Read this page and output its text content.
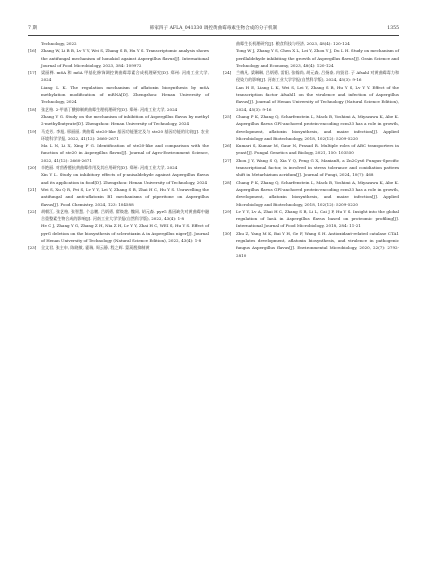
7 期	韩家四子 AFLA_041330 调控黄曲霉毒素生物合成的分子机制	1355
Technology, 2022
[16] Zhang W, Li B B, Lv Y Y, Wei S, Zhang S B, Hu Y S. Transcriptomic analysis shows the antifungal mechanism of honokiol against Aspergillus flavus[J]. International Journal of Food Microbiology, 2023, 384: 109972
[17] 梁丽桦. m6A 和 m6A 甲基化修饰调控黄曲霉毒素合成机理研究[D]. 郑州: 河南工业大学, 2024
Liang L K. The regulation mechanism of aflatoxin biosynthesis by m6A methylation modification of mRNA[D]. Zhengzhou: Henan University of Technology, 2024
[18] 张艺格. 2-甲基丁酸抑制黄曲霉生理机理研究[D]. 郑州: 河南工业大学, 2024
Zhang Y G. Study on the mechanism of inhibition of Aspergillus flavus by methyl 2-methylbutyrate[D]. Zhengzhou: Henan University of Technology, 2024
[19] 马克芳, 李旭, 邢丽丽, 黄曲霉 ste20-like 基因功能鉴定及与 ste20 基因功能的比较[J]. 农业环境科学学报, 2022, 41(12): 2660-2671
Ma L N, Li X, Xing F G. Identification of ste20-like and comparison with the function of ste20 in Aspergillus flavus[J]. Journal of Agro-Environment Science, 2022, 41(12): 2660-2671
[20] 辛艳丽. 对茴香醛抗黄曲霉作用及其应用研究[D]. 郑州: 河南工业大学, 2024
Xin Y L. Study on inhibitory effects of p-anisaldehyde against Aspergillus flavus and its application in food[D]. Zhengzhou: Henan University of Technology, 2024
[21] Wei S, Xu Q R, Pei S, Lv Y Y, Lei Y, Zhang S B, Zhai H C, Hu Y S. Unravelling the antifungal and anti-aflatoxin B1 mechanisms of piperitone on Aspergillus flavus[J]. Food Chemistry, 2024, 123: 104588
[22] 胡朝江, 张艺格, 张智慧, 个志鹏, 吕炳勇, 翟焕趁, 魏同, 胡元森. pyrG 基因缺失对黄曲霉中融合重整素生物合成的影响[J]. 河南工业大学学报(自然科学版), 2022, 43(4): 1-8
He C J, Zhang Y G, Zhang Z H, Nia Z H, Lv Y Y, Zhai H C, WEI S, Hu Y S. Effect of pyrG deletion on the biosynthesis of sclerotiaxin A in Aspergillus niger[J]. Journal of Henan University of Technology (Natural Science Edition), 2022, 43(4): 1-8
[23] 全文君, 张主申, 陈晓敏, 霍瑞, 周云静, 程之辉. 蒙蒿醛抑制黄
曲霉生长机理研究[J]. 粮食科技与经济, 2023, 48(4): 120-124
Tong W J, Zhang Y S, Chen X L, Lei Y, Zhou Y J, Du L H. Study on mechanism of perillaldehyde inhibiting the growth of Aspergillus flavus[J]. Grain Science and Technology and Economy, 2023, 48(4): 120-124
[24] 兰梅凡, 梁琳琳, 吕炳勇, 雷阳, 张翰尚, 胡元森, 吕扬泰, 冉贤君. 子 Afsahl 对黄曲霉毒力和侵染力的影响[J]. 河南工业大学学报(自然科学版), 2024, 45(3): 9-16
Lan H E, Liang L K, Wei S, Lei Y, Zhang S B, Hu Y S, Lv Y Y. Effect of the transcription factor Afsahl1 on the virulence and infection of Aspergillus flavus[J]. Journal of Henan University of Technology (Natural Science Edition), 2024, 45(3): 9-16
[25] Chang P K, Zhang Q, Scharfenstein L, Mack B, Yoshimi A, Miyazawa K, Abe K. Aspergillus flavus GPI-anchored protein-encoding ecm33 has a role in growth, development, aflatoxin biosynthesis, and maize infection[J]. Applied Microbiology and Biotechnology, 2018, 102(12): 5209-5220
[26] Kumari S, Kumar M, Gaur N, Prasad R. Multiple roles of ABC transporters in yeast[J]. Fungal Genetics and Biology, 2021, 150: 103550
[27] Zhou J Y, Wang S Q, Xia Y Q, Peng G X, MaxianR, a Zn2Cys6 Fungus-Specific transcriptional factor, is involved in stress tolerance and conidiation pattern shift in Metarhizium acridum[J]. Journal of Fungi, 2024, 10(7): 468
[28] Chang P K, Zhang Q, Scharfenstein L, Mack B, Yoshimi A, Miyazawa K, Abe K. Aspergillus flavus GPI-anchored protein-encoding ecm33 has a role in growth, development, aflatoxin biosynthesis, and maize infection[J]. Applied Microbiology and Biotechnology, 2018, 102(12): 5209-5220
[29] Lv Y Y, Lv A, Zhai H C, Zhang S B, Li L, Cai J P, Hu Y S. Insight into the global regulation of laeA in Aspergillus flavus based on proteomic profiling[J]. International Journal of Food Microbiology, 2018, 284: 11-21
[30] Zhu Z, Yang M K, Bai Y H, Ge F, Wang S H. Antioxidant-related catalase CTA1 regulates development, aflatoxin biosynthesis, and virulence in pathogenic fungus Aspergillus flavus[J]. Environmental Microbiology, 2020, 22(7): 2792-2810
